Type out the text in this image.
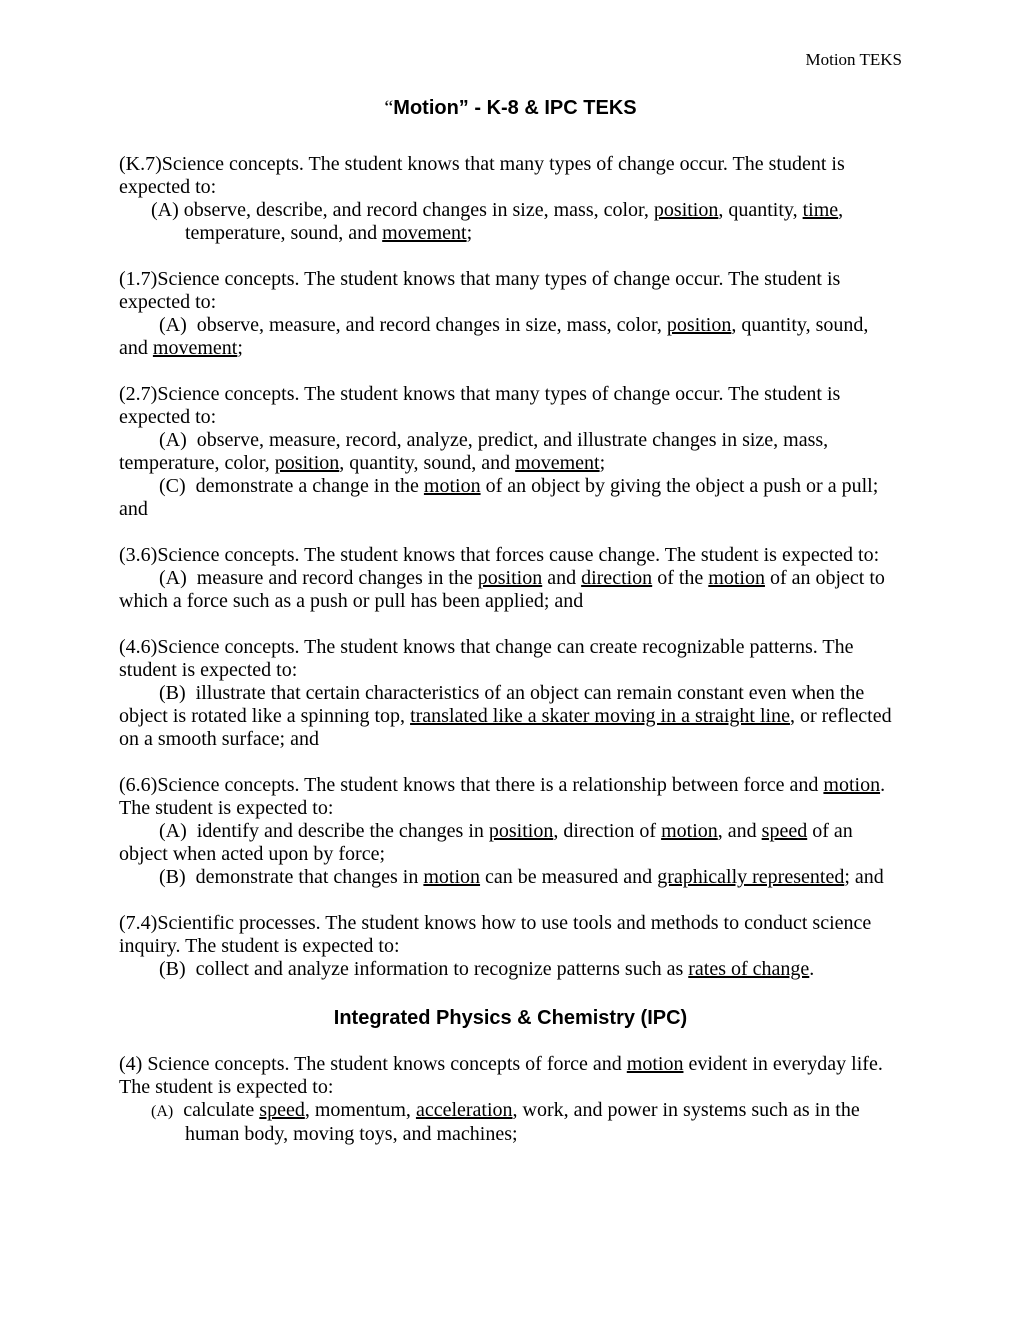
Motion TEKS

“Motion” - K-8 & IPC TEKS

(K.7)Science concepts. The student knows that many types of change occur. The student is expected to:

(A) observe, describe, and record changes in size, mass, color, position, quantity, time, temperature, sound, and movement;

(1.7)Science concepts. The student knows that many types of change occur. The student is expected to:

(A)  observe, measure, and record changes in size, mass, color, position, quantity, sound, and movement;

(2.7)Science concepts. The student knows that many types of change occur. The student is expected to:

(A)  observe, measure, record, analyze, predict, and illustrate changes in size, mass, temperature, color, position, quantity, sound, and movement;

(C)  demonstrate a change in the motion of an object by giving the object a push or a pull; and

(3.6)Science concepts. The student knows that forces cause change. The student is expected to:

(A)  measure and record changes in the position and direction of the motion of an object to which a force such as a push or pull has been applied; and

(4.6)Science concepts. The student knows that change can create recognizable patterns. The student is expected to:

(B)  illustrate that certain characteristics of an object can remain constant even when the object is rotated like a spinning top, translated like a skater moving in a straight line, or reflected on a smooth surface; and

(6.6)Science concepts. The student knows that there is a relationship between force and motion. The student is expected to:

(A)  identify and describe the changes in position, direction of motion, and speed of an object when acted upon by force;

(B)  demonstrate that changes in motion can be measured and graphically represented; and

(7.4)Scientific processes. The student knows how to use tools and methods to conduct science inquiry. The student is expected to:

(B)  collect and analyze information to recognize patterns such as rates of change.

Integrated Physics & Chemistry (IPC)

(4) Science concepts. The student knows concepts of force and motion evident in everyday life. The student is expected to:

(A)  calculate speed, momentum, acceleration, work, and power in systems such as in the human body, moving toys, and machines;
